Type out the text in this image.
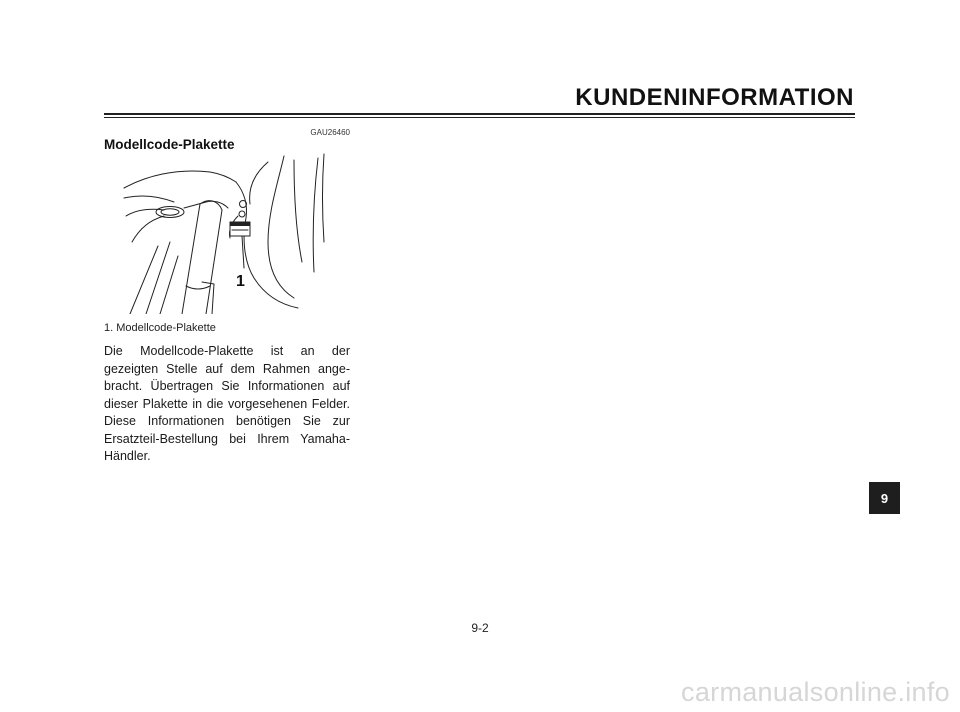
KUNDENINFORMATION
GAU26460
Modellcode-Plakette
1
1. Modellcode-Plakette
Die Modellcode-Plakette ist an der gezeigten Stelle auf dem Rahmen angebracht. Übertragen Sie Informationen auf dieser Plakette in die vorgesehenen Felder. Diese Informationen benötigen Sie zur Ersatzteil-Bestellung bei Ihrem Yamaha-Händler.
9
9-2
carmanualsonline.info
